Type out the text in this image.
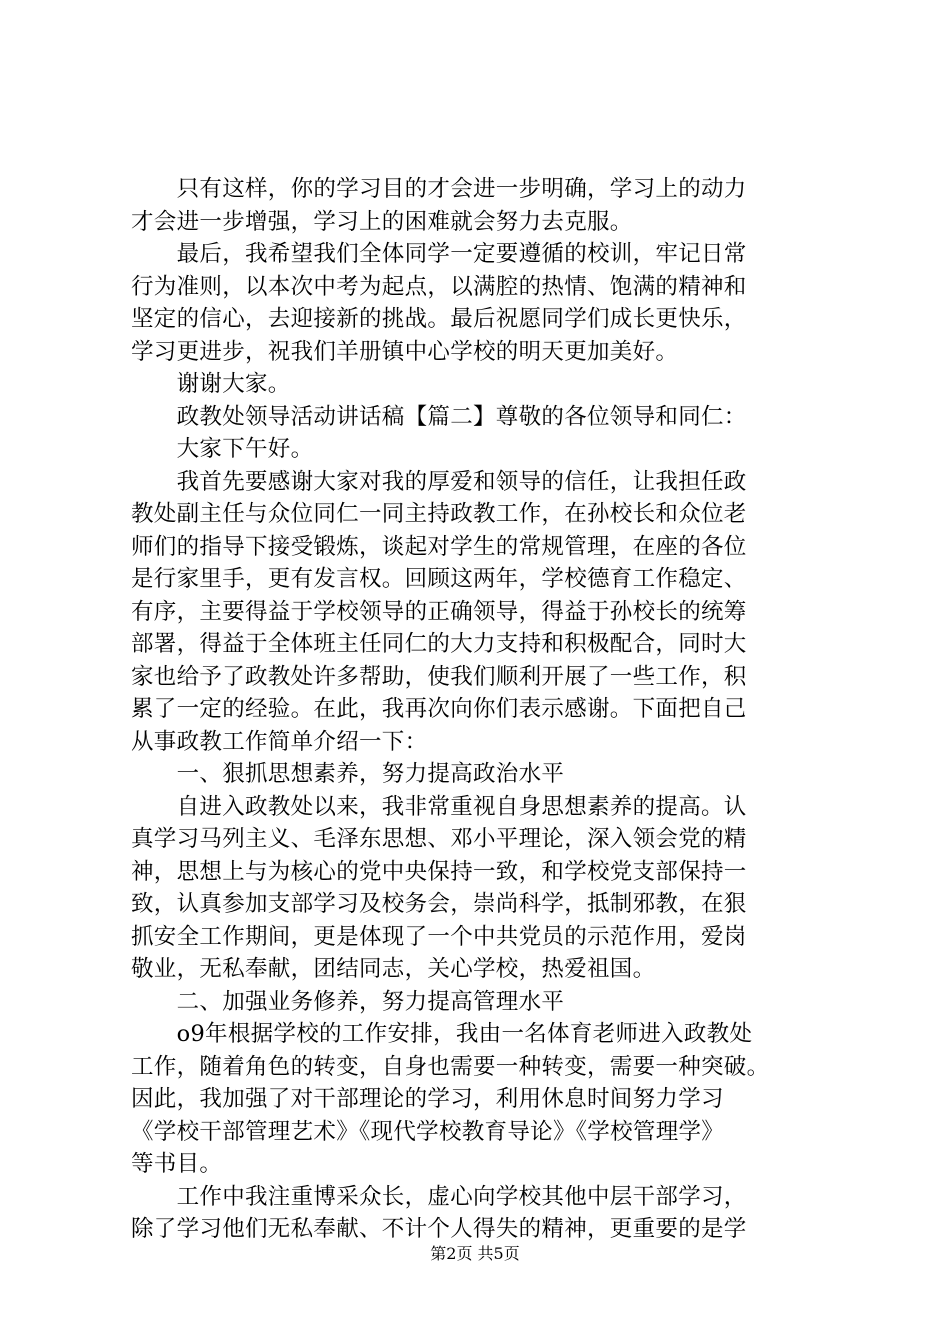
　　只有这样，你的学习目的才会进一步明确，学习上的动力
才会进一步增强，学习上的困难就会努力去克服。
　　最后，我希望我们全体同学一定要遵循的校训，牢记日常
行为准则，以本次中考为起点，以满腔的热情、饱满的精神和
坚定的信心，去迎接新的挑战。最后祝愿同学们成长更快乐，
学习更进步，祝我们羊册镇中心学校的明天更加美好。
　　谢谢大家。
　　政教处领导活动讲话稿【篇二】尊敬的各位领导和同仁：
　　大家下午好。
　　我首先要感谢大家对我的厚爱和领导的信任，让我担任政
教处副主任与众位同仁一同主持政教工作，在孙校长和众位老
师们的指导下接受锻炼，谈起对学生的常规管理，在座的各位
是行家里手，更有发言权。回顾这两年，学校德育工作稳定、
有序，主要得益于学校领导的正确领导，得益于孙校长的统筹
部署，得益于全体班主任同仁的大力支持和积极配合，同时大
家也给予了政教处许多帮助，使我们顺利开展了一些工作，积
累了一定的经验。在此，我再次向你们表示感谢。下面把自己
从事政教工作简单介绍一下：
　　一、狠抓思想素养，努力提高政治水平
　　自进入政教处以来，我非常重视自身思想素养的提高。认
真学习马列主义、毛泽东思想、邓小平理论，深入领会党的精
神，思想上与为核心的党中央保持一致，和学校党支部保持一
致，认真参加支部学习及校务会，崇尚科学，抵制邪教，在狠
抓安全工作期间，更是体现了一个中共党员的示范作用，爱岗
敬业，无私奉献，团结同志，关心学校，热爱祖国。
　　二、加强业务修养，努力提高管理水平
　　o9年根据学校的工作安排，我由一名体育老师进入政教处
工作，随着角色的转变，自身也需要一种转变，需要一种突破。
因此，我加强了对干部理论的学习，利用休息时间努力学习
《学校干部管理艺术》《现代学校教育导论》《学校管理学》
等书目。
　　工作中我注重博采众长，虚心向学校其他中层干部学习，
除了学习他们无私奉献、不计个人得失的精神，更重要的是学
第2页 共5页
